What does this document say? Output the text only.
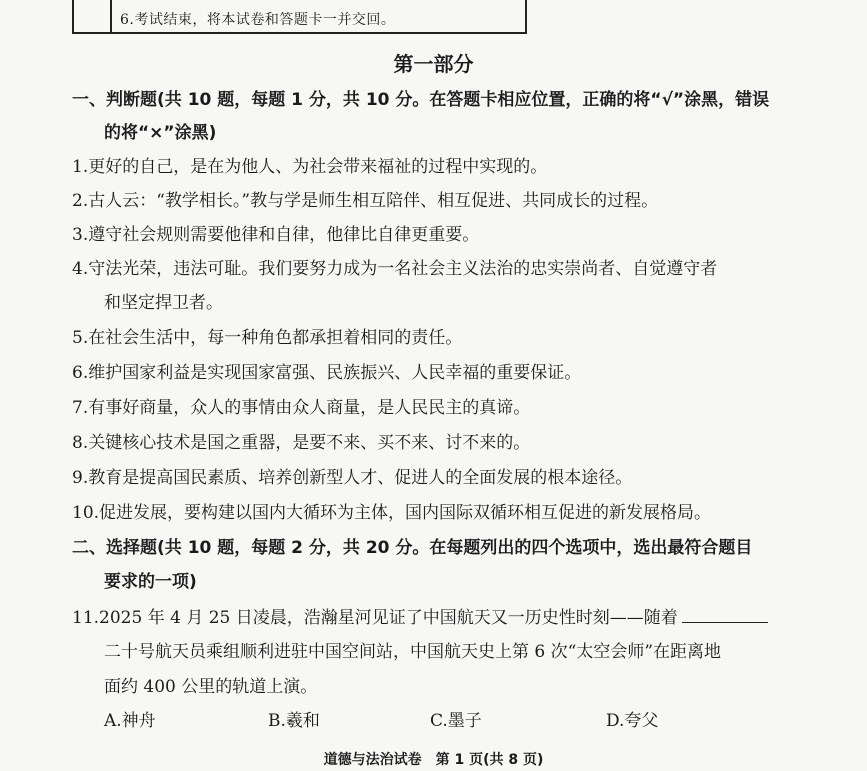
6.考试结束，将本试卷和答题卡一并交回。
第一部分
一、判断题(共 10 题，每题 1 分，共 10 分。在答题卡相应位置，正确的将“√”涂黑，错误
的将“×”涂黑)
1.更好的自己，是在为他人、为社会带来福祉的过程中实现的。
2.古人云：“教学相长。”教与学是师生相互陪伴、相互促进、共同成长的过程。
3.遵守社会规则需要他律和自律，他律比自律更重要。
4.守法光荣，违法可耻。我们要努力成为一名社会主义法治的忠实崇尚者、自觉遵守者
和坚定捍卫者。
5.在社会生活中，每一种角色都承担着相同的责任。
6.维护国家利益是实现国家富强、民族振兴、人民幸福的重要保证。
7.有事好商量，众人的事情由众人商量，是人民民主的真谛。
8.关键核心技术是国之重器，是要不来、买不来、讨不来的。
9.教育是提高国民素质、培养创新型人才、促进人的全面发展的根本途径。
10.促进发展，要构建以国内大循环为主体，国内国际双循环相互促进的新发展格局。
二、选择题(共 10 题，每题 2 分，共 20 分。在每题列出的四个选项中，选出最符合题目
要求的一项)
11.2025 年 4 月 25 日凌晨，浩瀚星河见证了中国航天又一历史性时刻——随着
二十号航天员乘组顺利进驻中国空间站，中国航天史上第 6 次“太空会师”在距离地
面约 400 公里的轨道上演。
A.神舟	B.羲和	C.墨子	D.夸父
道德与法治试卷　第 1 页(共 8 页)
